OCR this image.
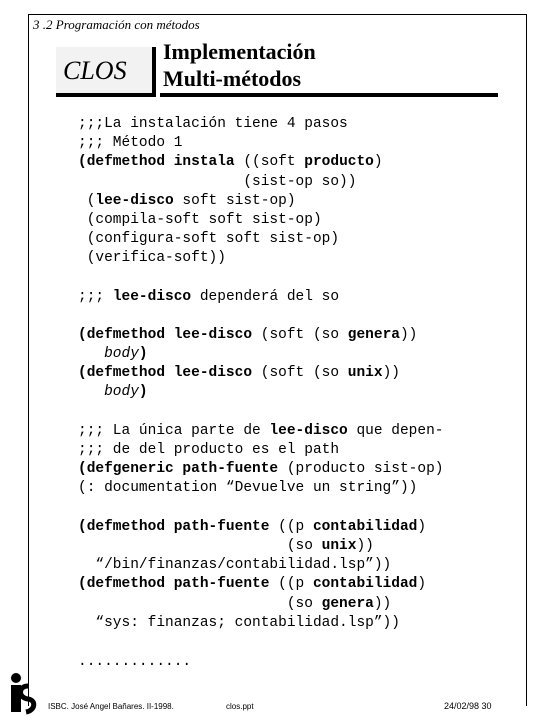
3 .2 Programación con métodos
CLOS
Implementación
Multi-métodos
;;;La instalación tiene 4 pasos
;;; Método 1
(defmethod instala ((soft producto)
(sist-op so))
(lee-disco soft sist-op)
(compila-soft soft sist-op)
(configura-soft soft sist-op)
(verifica-soft))
;;; lee-disco dependerá del so
(defmethod lee-disco (soft (so genera))
body)
(defmethod lee-disco (soft (so unix))
body)
;;; La única parte de lee-disco que depen-
;;; de del producto es el path
(defgeneric path-fuente (producto sist-op)
(: documentation “Devuelve un string”))
(defmethod path-fuente ((p contabilidad)
(so unix))
“/bin/finanzas/contabilidad.lsp”))
(defmethod path-fuente ((p contabilidad)
(so genera))
“sys: finanzas; contabilidad.lsp”))
.............
ISBC. José Angel Bañares. II-1998.	clos.ppt	24/02/98 30
